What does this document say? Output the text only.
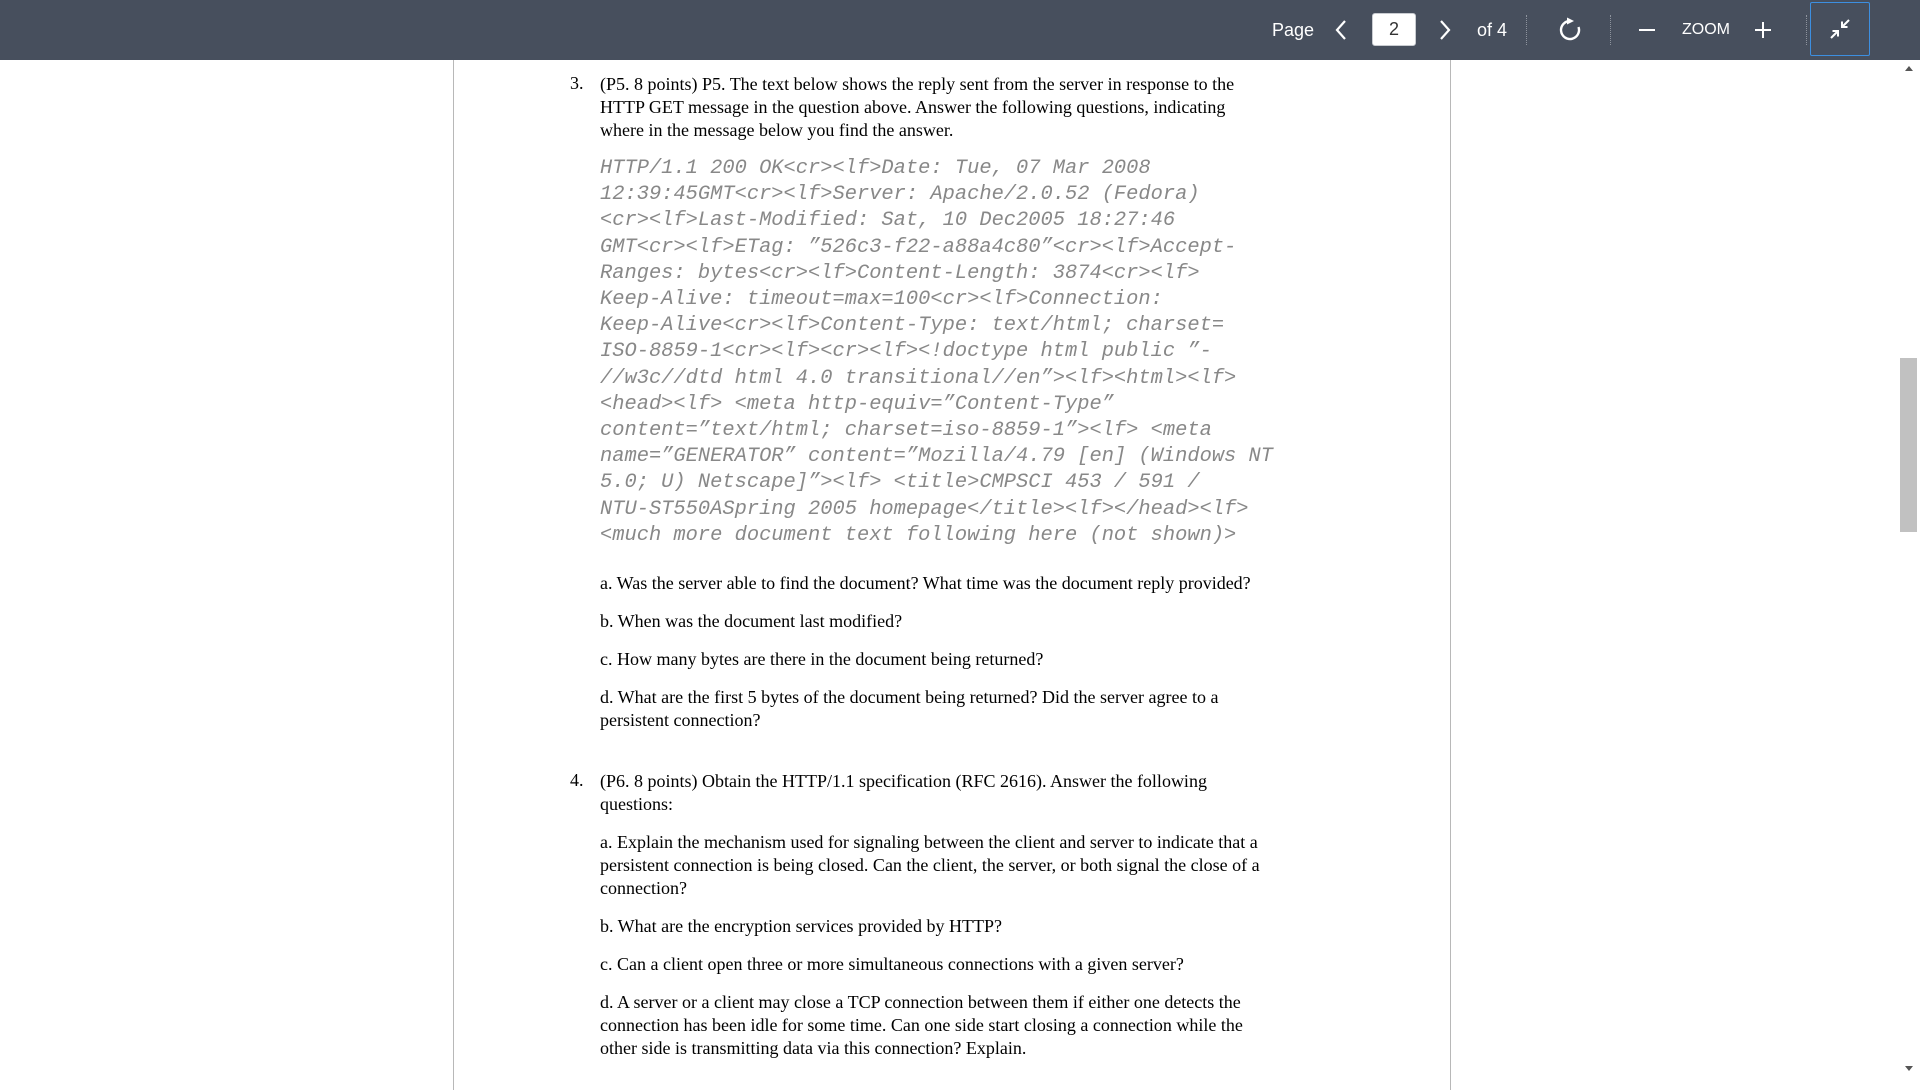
Page
2	of 4	ZOOM
3. (P5. 8 points) P5. The text below shows the reply sent from the server in response to the
HTTP GET message in the question above. Answer the following questions, indicating
where in the message below you find the answer.
HTTP/1.1 200 OK<cr><lf>Date: Tue, 07 Mar 2008
12:39:45GMT<cr><lf>Server: Apache/2.0.52 (Fedora)
<cr><lf>Last-Modified: Sat, 10 Dec2005 18:27:46
GMT<cr><lf>ETag: ”526c3-f22-a88a4c80”<cr><lf>Accept-
Ranges: bytes<cr><lf>Content-Length: 3874<cr><lf>
Keep-Alive: timeout=max=100<cr><lf>Connection:
Keep-Alive<cr><lf>Content-Type: text/html; charset=
ISO-8859-1<cr><lf><cr><lf><!doctype html public ”-
//w3c//dtd html 4.0 transitional//en”><lf><html><lf>
<head><lf> <meta http-equiv=”Content-Type”
content=”text/html; charset=iso-8859-1”><lf> <meta
name=”GENERATOR” content=”Mozilla/4.79 [en] (Windows NT
5.0; U) Netscape]”><lf> <title>CMPSCI 453 / 591 /
NTU-ST550ASpring 2005 homepage</title><lf></head><lf>
<much more document text following here (not shown)>
a. Was the server able to find the document? What time was the document reply provided?
b. When was the document last modified?
c. How many bytes are there in the document being returned?
d. What are the first 5 bytes of the document being returned? Did the server agree to a
persistent connection?
4. (P6. 8 points) Obtain the HTTP/1.1 specification (RFC 2616). Answer the following
questions:
a. Explain the mechanism used for signaling between the client and server to indicate that a
persistent connection is being closed. Can the client, the server, or both signal the close of a
connection?
b. What are the encryption services provided by HTTP?
c. Can a client open three or more simultaneous connections with a given server?
d. A server or a client may close a TCP connection between them if either one detects the
connection has been idle for some time. Can one side start closing a connection while the
other side is transmitting data via this connection? Explain.
